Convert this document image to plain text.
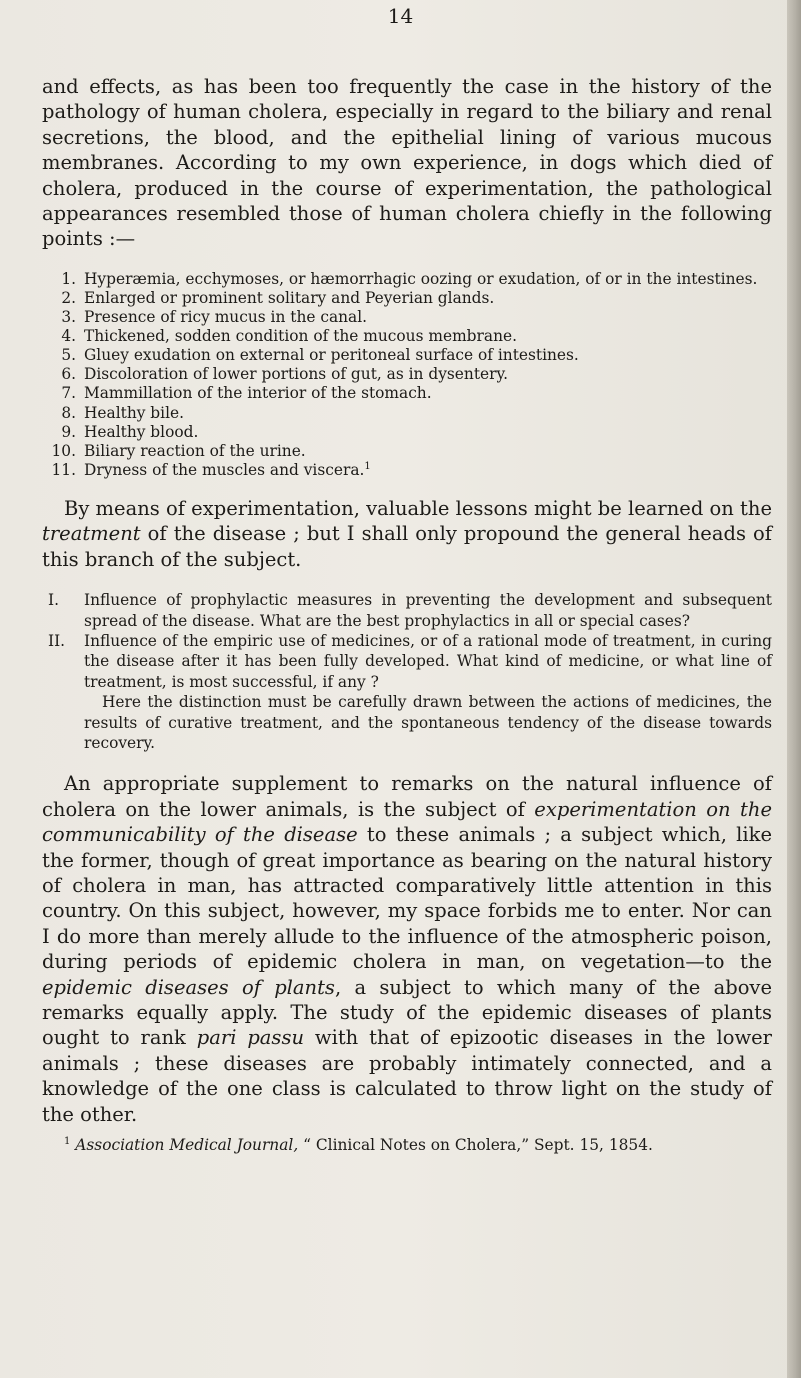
14

and effects, as has been too frequently the case in the history of the pathology of human cholera, especially in regard to the biliary and renal secretions, the blood, and the epithelial lining of various mucous membranes. According to my own experience, in dogs which died of cholera, produced in the course of experimentation, the pathological appearances resembled those of human cholera chiefly in the following points :—

1. Hyperæmia, ecchymoses, or hæmorrhagic oozing or exudation, of or in the intestines.
2. Enlarged or prominent solitary and Peyerian glands.
3. Presence of ricy mucus in the canal.
4. Thickened, sodden condition of the mucous membrane.
5. Gluey exudation on external or peritoneal surface of intestines.
6. Discoloration of lower portions of gut, as in dysentery.
7. Mammillation of the interior of the stomach.
8. Healthy bile.
9. Healthy blood.
10. Biliary reaction of the urine.
11. Dryness of the muscles and viscera.$^1$

By means of experimentation, valuable lessons might be learned on the treatment of the disease ; but I shall only propound the general heads of this branch of the subject.

I.	Influence of prophylactic measures in preventing the development and subsequent spread of the disease. What are the best prophylactics in all or special cases?
II.	Influence of the empiric use of medicines, or of a rational mode of treatment, in curing the disease after it has been fully developed. What kind of medicine, or what line of treatment, is most successful, if any ?

Here the distinction must be carefully drawn between the actions of medicines, the results of curative treatment, and the spontaneous tendency of the disease towards recovery.

An appropriate supplement to remarks on the natural influence of cholera on the lower animals, is the subject of experimentation on the communicability of the disease to these animals ; a subject which, like the former, though of great importance as bearing on the natural history of cholera in man, has attracted comparatively little attention in this country. On this subject, however, my space forbids me to enter. Nor can I do more than merely allude to the influence of the atmospheric poison, during periods of epidemic cholera in man, on vegetation—to the epidemic diseases of plants, a subject to which many of the above remarks equally apply. The study of the epidemic diseases of plants ought to rank pari passu with that of epizootic diseases in the lower animals ; these diseases are probably intimately connected, and a knowledge of the one class is calculated to throw light on the study of the other.

$^1$ Association Medical Journal, “ Clinical Notes on Cholera,” Sept. 15, 1854.
